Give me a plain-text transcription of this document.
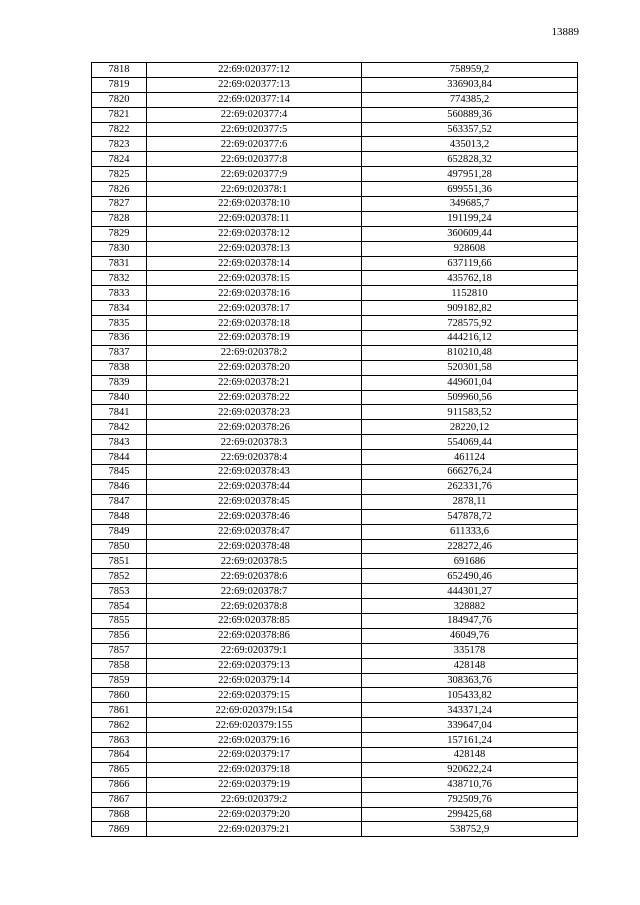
13889
7818	22:69:020377:12	758959,2
7819	22:69:020377:13	336903,84
7820	22:69:020377:14	774385,2
7821	22:69:020377:4	560889,36
7822	22:69:020377:5	563357,52
7823	22:69:020377:6	435013,2
7824	22:69:020377:8	652828,32
7825	22:69:020377:9	497951,28
7826	22:69:020378:1	699551,36
7827	22:69:020378:10	349685,7
7828	22:69:020378:11	191199,24
7829	22:69:020378:12	360609,44
7830	22:69:020378:13	928608
7831	22:69:020378:14	637119,66
7832	22:69:020378:15	435762,18
7833	22:69:020378:16	1152810
7834	22:69:020378:17	909182,82
7835	22:69:020378:18	728575,92
7836	22:69:020378:19	444216,12
7837	22:69:020378:2	810210,48
7838	22:69:020378:20	520301,58
7839	22:69:020378:21	449601,04
7840	22:69:020378:22	509960,56
7841	22:69:020378:23	911583,52
7842	22:69:020378:26	28220,12
7843	22:69:020378:3	554069,44
7844	22:69:020378:4	461124
7845	22:69:020378:43	666276,24
7846	22:69:020378:44	262331,76
7847	22:69:020378:45	2878,11
7848	22:69:020378:46	547878,72
7849	22:69:020378:47	611333,6
7850	22:69:020378:48	228272,46
7851	22:69:020378:5	691686
7852	22:69:020378:6	652490,46
7853	22:69:020378:7	444301,27
7854	22:69:020378:8	328882
7855	22:69:020378:85	184947,76
7856	22:69:020378:86	46049,76
7857	22:69:020379:1	335178
7858	22:69:020379:13	428148
7859	22:69:020379:14	308363,76
7860	22:69:020379:15	105433,82
7861	22:69:020379:154	343371,24
7862	22:69:020379:155	339647,04
7863	22:69:020379:16	157161,24
7864	22:69:020379:17	428148
7865	22:69:020379:18	920622,24
7866	22:69:020379:19	438710,76
7867	22:69:020379:2	792509,76
7868	22:69:020379:20	299425,68
7869	22:69:020379:21	538752,9
